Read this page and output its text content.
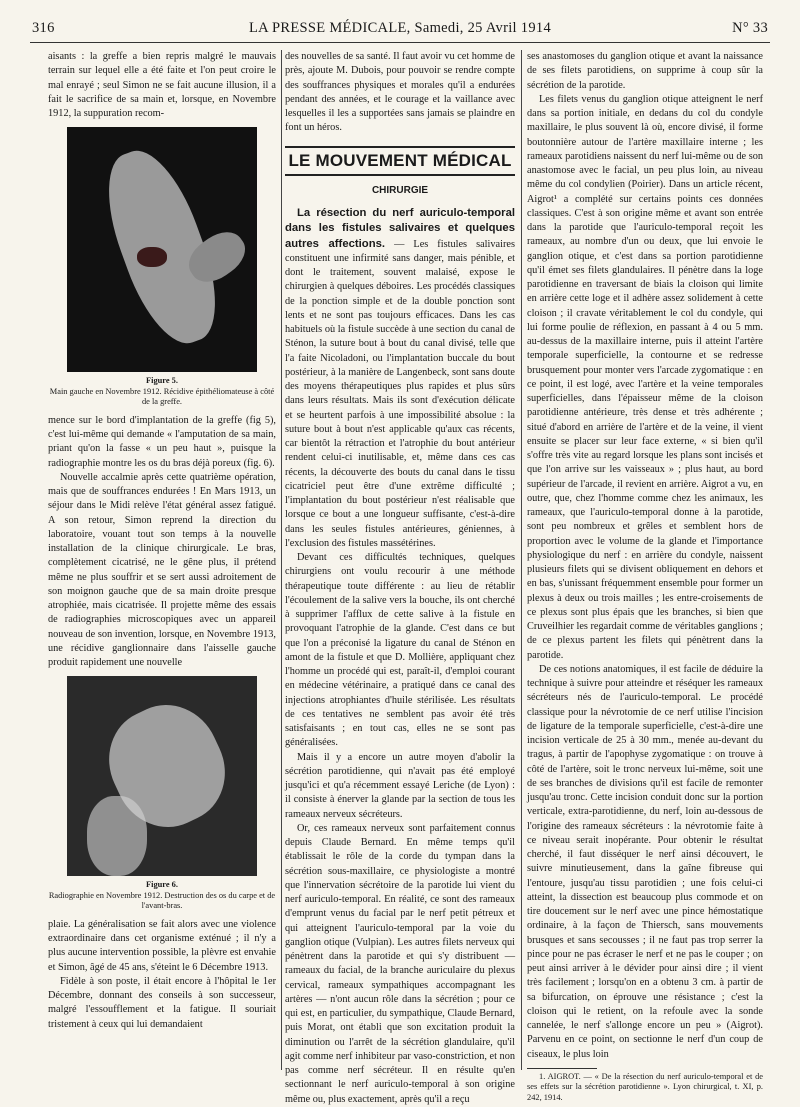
316	LA PRESSE MÉDICALE, Samedi, 25 Avril 1914	N° 33

aisants : la greffe a bien repris malgré le mauvais terrain sur lequel elle a été faite et l'on peut croire le mal enrayé ; seul Simon ne se fait aucune illusion, il a fait le sacrifice de sa main et, lorsque, en Novembre 1912, la suppuration recom-

Figure 5.
Main gauche en Novembre 1912. Récidive épithéliomateuse à côté de la greffe.

mence sur le bord d'implantation de la greffe (fig 5), c'est lui-même qui demande « l'amputation de sa main, priant qu'on la fasse « un peu haut », puisque la radiographie montre les os du bras déjà poreux (fig. 6).

Nouvelle accalmie après cette quatrième opération, mais que de souffrances endurées ! En Mars 1913, un séjour dans le Midi relève l'état général assez fatigué. A son retour, Simon reprend la direction du laboratoire, vouant tout son temps à la nouvelle installation de la clinique chirurgicale. Le bras, complètement cicatrisé, ne le gêne plus, il prétend même ne plus souffrir et se sert aussi adroitement de son moignon gauche que de sa main droite presque atrophiée, mais cicatrisée. Il projette même des essais de radiographies microscopiques avec un appareil nouveau de son invention, lorsque, en Novembre 1913, une récidive ganglionnaire dans l'aisselle gauche produit rapidement une nouvelle

Figure 6.
Radiographie en Novembre 1912. Destruction des os du carpe et de l'avant-bras.

plaie. La généralisation se fait alors avec une violence extraordinaire dans cet organisme exténué ; il n'y a plus aucune intervention possible, la plèvre est envahie et Simon, âgé de 45 ans, s'éteint le 6 Décembre 1913.

Fidèle à son poste, il était encore à l'hôpital le 1er Décembre, donnant des conseils à son successeur, malgré l'essoufflement et la fatigue. Il souriait tristement à ceux qui lui demandaient

des nouvelles de sa santé. Il faut avoir vu cet homme de près, ajoute M. Dubois, pour pouvoir se rendre compte des souffrances physiques et morales qu'il a endurées pendant des années, et le courage et la vaillance avec lesquelles il les a supportées sans jamais se plaindre en font un héros.

LE MOUVEMENT MÉDICAL
CHIRURGIE

La résection du nerf auriculo-temporal dans les fistules salivaires et quelques autres affections. — Les fistules salivaires constituent une infirmité sans danger, mais pénible, et dont le traitement, souvent malaisé, expose le chirurgien à quelques déboires. Les procédés classiques de la ponction simple et de la double ponction sont lents et ne sont pas toujours efficaces. Dans les cas habituels où la fistule succède à une section du canal de Sténon, la suture bout à bout du canal divisé, telle que l'a faite Nicoladoni, ou l'implantation buccale du bout postérieur, à la manière de Langenbeck, sont sans doute des moyens thérapeutiques plus rapides et plus sûrs dans leurs résultats. Mais ils sont d'exécution délicate et se heurtent parfois à une impossibilité absolue : la suture bout à bout n'est applicable qu'aux cas récents, car bientôt la rétraction et l'atrophie du bout antérieur rendent celui-ci inutilisable, et, même dans ces cas récents, la découverte des bouts du canal dans le tissu cicatriciel peut être d'une extrême difficulté ; l'implantation du bout postérieur n'est réalisable que lorsque ce bout a une longueur suffisante, c'est-à-dire dans les seules fistules antérieures, géniennes, à l'exclusion des fistules massétérines.

Devant ces difficultés techniques, quelques chirurgiens ont voulu recourir à une méthode thérapeutique toute différente : au lieu de rétablir l'écoulement de la salive vers la bouche, ils ont cherché à supprimer l'afflux de cette salive à la fistule en provoquant l'atrophie de la glande. C'est dans ce but que l'on a préconisé la ligature du canal de Sténon en amont de la fistule et que D. Mollière, appliquant chez l'homme un procédé qui est, paraît-il, d'emploi courant en médecine vétérinaire, a pratiqué dans ce canal des injections atrophiantes d'huile stérilisée. Les résultats de ces tentatives ne semblent pas avoir été très satisfaisants ; en tout cas, elles ne se sont pas généralisées.

Mais il y a encore un autre moyen d'abolir la sécrétion parotidienne, qui n'avait pas été employé jusqu'ici et qu'a récemment essayé Leriche (de Lyon) : il consiste à énerver la glande par la section de tous les rameaux nerveux sécréteurs.

Or, ces rameaux nerveux sont parfaitement connus depuis Claude Bernard. En même temps qu'il établissait le rôle de la corde du tympan dans la sécrétion sous-maxillaire, ce physiologiste a montré que l'innervation sécrétoire de la parotide lui vient du nerf auriculo-temporal. En réalité, ce sont des rameaux d'emprunt venus du facial par le nerf petit pétreux et qui atteignent l'auriculo-temporal par la voie du ganglion otique (Vulpian). Les autres filets nerveux qui pénètrent dans la parotide et qui s'y distribuent — rameaux du facial, de la branche auriculaire du plexus cervical, rameaux sympathiques accompagnant les artères — n'ont aucun rôle dans la sécrétion ; pour ce qui est, en particulier, du sympathique, Claude Bernard, puis Morat, ont établi que son excitation produit la diminution ou l'arrêt de la sécrétion glandulaire, qu'il agit comme nerf inhibiteur par vaso-constriction, et non pas comme nerf sécréteur. Il en résulte qu'en sectionnant le nerf auriculo-temporal à son origine même ou, plus exactement, après qu'il a reçu

ses anastomoses du ganglion otique et avant la naissance de ses filets parotidiens, on supprime à coup sûr la sécrétion de la parotide.

Les filets venus du ganglion otique atteignent le nerf dans sa portion initiale, en dedans du col du condyle maxillaire, le plus souvent là où, encore divisé, il forme boutonnière autour de l'artère maxillaire interne ; les rameaux parotidiens naissent du nerf lui-même ou de son anastomose avec le facial, un peu plus loin, au niveau même du col condylien (Poirier). Dans un article récent, Aigrot¹ a complété sur certains points ces données classiques. C'est à son origine même et avant son entrée dans la parotide que l'auriculo-temporal reçoit les rameaux, au nombre d'un ou deux, que lui envoie le ganglion otique, et c'est dans sa portion parotidienne qu'il émet ses filets glandulaires. Il pénètre dans la loge parotidienne en traversant de biais la cloison qui limite en arrière cette loge et il adhère assez solidement à cette cloison ; il cravate véritablement le col du condyle, qui lui forme poulie de réflexion, en passant à 4 ou 5 mm. au-dessus de la maxillaire interne, puis il atteint l'artère temporale superficielle, la contourne et se redresse brusquement pour monter vers l'arcade zygomatique : en ce point, il est logé, avec l'artère et la veine temporales superficielles, dans l'épaisseur même de la cloison parotidienne antérieure, très dense et très adhérente ; situé d'abord en arrière de l'artère et de la veine, il vient ensuite se placer sur leur face externe, « si bien qu'il s'offre très vite au regard lorsque les plans sont incisés et que l'on arrive sur les vaisseaux » ; plus haut, au bord supérieur de l'arcade, il revient en arrière. Aigrot a vu, en outre, que, chez l'homme comme chez les animaux, les rameaux, que l'auriculo-temporal donne à la parotide, sont peu nombreux et grêles et semblent hors de proportion avec le volume de la glande et l'importance physiologique du nerf : en arrière du condyle, naissent plusieurs filets qui se divisent obliquement en dehors et en bas, s'unissant fréquemment ensemble pour former un plexus à deux ou trois mailles ; les entre-croisements de ce plexus sont plus épais que les branches, si bien que Cruveilhier les regardait comme de véritables ganglions ; de ce plexus partent les filets qui pénètrent dans la parotide.

De ces notions anatomiques, il est facile de déduire la technique à suivre pour atteindre et réséquer les rameaux sécréteurs nés de l'auriculo-temporal. Le procédé classique pour la névrotomie de ce nerf utilise l'incision de ligature de la temporale superficielle, c'est-à-dire une incision verticale de 25 à 30 mm., menée au-devant du tragus, à partir de l'apophyse zygomatique : on trouve à côté de l'artère, soit le tronc nerveux lui-même, soit une de ses branches de divisions qu'il est facile de remonter jusqu'au tronc. Cette incision conduit donc sur la portion verticale, extra-parotidienne, du nerf, loin au-dessous de l'origine des rameaux sécréteurs : la névrotomie faite à ce niveau serait inopérante. Pour obtenir le résultat cherché, il faut disséquer le nerf ainsi découvert, le suivre minutieusement, dans la gaîne fibreuse qui l'entoure, jusqu'au tissu parotidien ; une fois celui-ci atteint, la dissection est beaucoup plus commode et on tire doucement sur le nerf avec une pince hémostatique ordinaire, à la façon de Thiersch, sans mouvements brusques et sans secousses ; il ne faut pas trop serrer la pince pour ne pas écraser le nerf et ne pas le couper ; on peut ainsi arriver à le dévider pour ainsi dire ; il vient très facilement ; lorsqu'on en a obtenu 3 cm. à partir de sa bifurcation, on éprouve une résistance ; c'est la cloison qui le retient, on la refoule avec la sonde cannelée, le nerf s'allonge encore un peu » (Aigrot). Parvenu en ce point, on sectionne le nerf d'un coup de ciseaux, le plus loin

1. AIGROT. — « De la résection du nerf auriculo-temporal et de ses effets sur la sécrétion parotidienne ». Lyon chirurgical, t. XI, p. 242, 1914.
